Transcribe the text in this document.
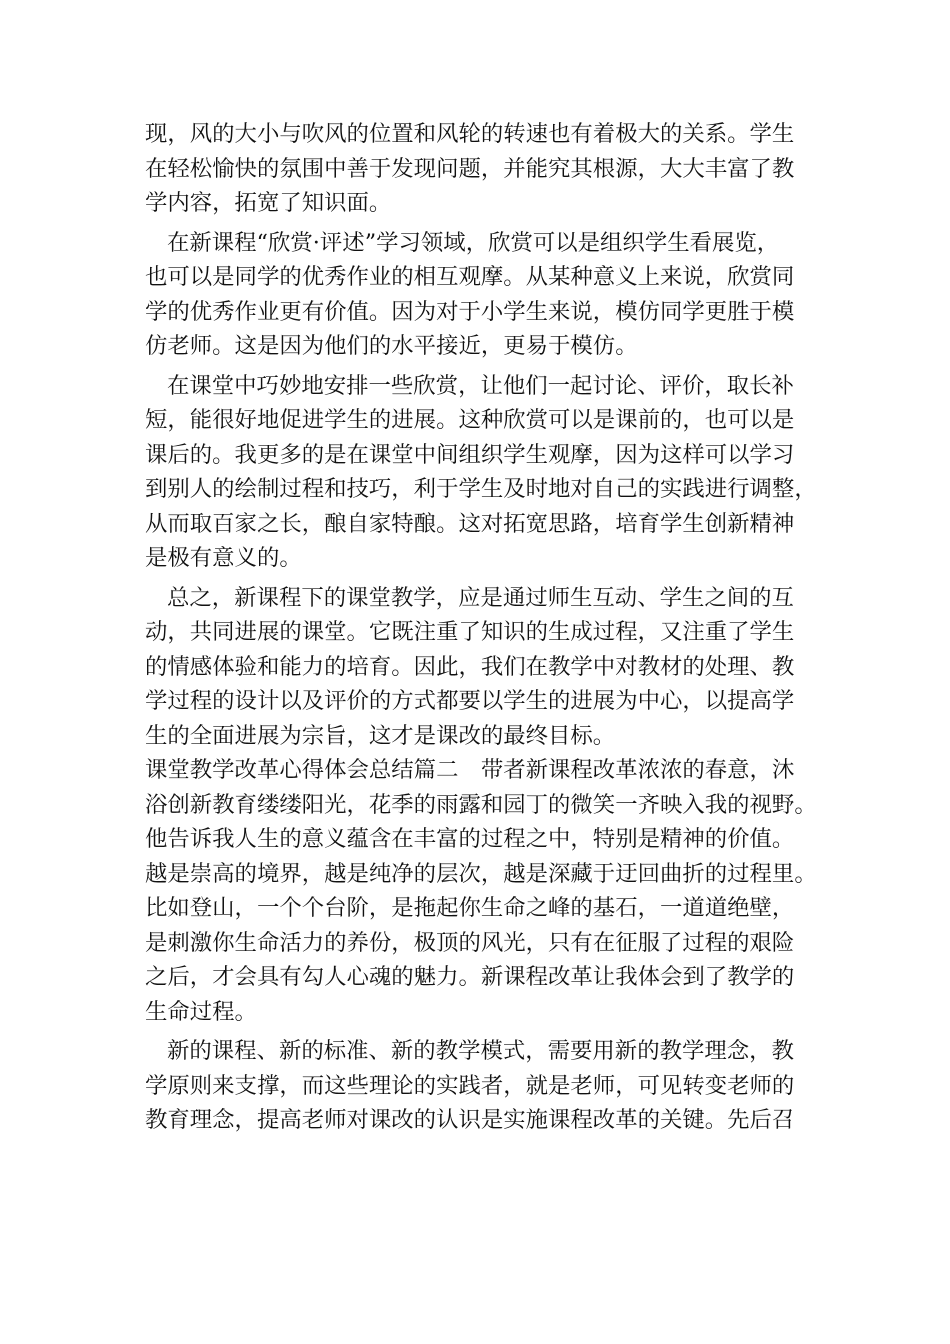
现，风的大小与吹风的位置和风轮的转速也有着极大的关系。学生
在轻松愉快的氛围中善于发现问题，并能究其根源，大大丰富了教
学内容，拓宽了知识面。
在新课程“欣赏·评述”学习领域，欣赏可以是组织学生看展览，
也可以是同学的优秀作业的相互观摩。从某种意义上来说，欣赏同
学的优秀作业更有价值。因为对于小学生来说，模仿同学更胜于模
仿老师。这是因为他们的水平接近，更易于模仿。
在课堂中巧妙地安排一些欣赏，让他们一起讨论、评价，取长补
短，能很好地促进学生的进展。这种欣赏可以是课前的，也可以是
课后的。我更多的是在课堂中间组织学生观摩，因为这样可以学习
到别人的绘制过程和技巧，利于学生及时地对自己的实践进行调整，
从而取百家之长，酿自家特酿。这对拓宽思路，培育学生创新精神
是极有意义的。
总之，新课程下的课堂教学，应是通过师生互动、学生之间的互
动，共同进展的课堂。它既注重了知识的生成过程，又注重了学生
的情感体验和能力的培育。因此，我们在教学中对教材的处理、教
学过程的设计以及评价的方式都要以学生的进展为中心，以提高学
生的全面进展为宗旨，这才是课改的最终目标。
课堂教学改革心得体会总结篇二　带者新课程改革浓浓的春意，沐
浴创新教育缕缕阳光，花季的雨露和园丁的微笑一齐映入我的视野。
他告诉我人生的意义蕴含在丰富的过程之中，特别是精神的价值。
越是崇高的境界，越是纯净的层次，越是深藏于迂回曲折的过程里。
比如登山，一个个台阶，是拖起你生命之峰的基石，一道道绝壁，
是刺激你生命活力的养份，极顶的风光，只有在征服了过程的艰险
之后，才会具有勾人心魂的魅力。新课程改革让我体会到了教学的
生命过程。
新的课程、新的标准、新的教学模式，需要用新的教学理念，教
学原则来支撑，而这些理论的实践者，就是老师，可见转变老师的
教育理念，提高老师对课改的认识是实施课程改革的关键。先后召
